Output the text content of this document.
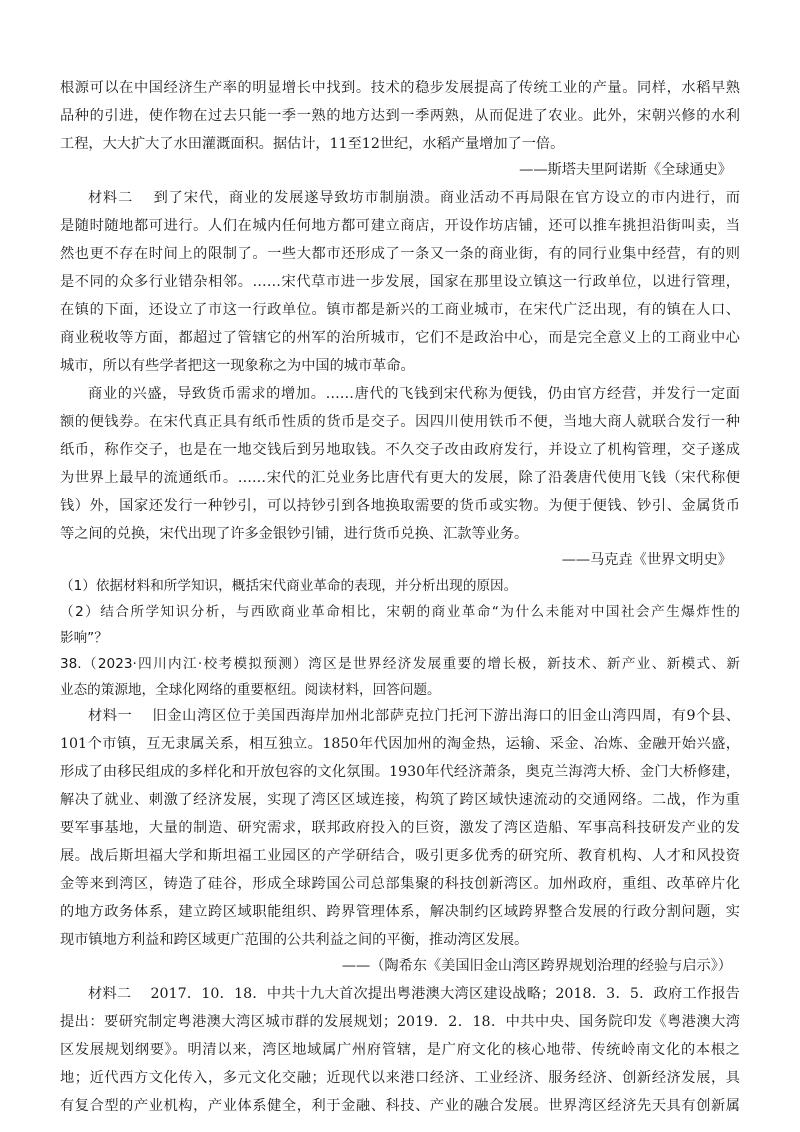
根源可以在中国经济生产率的明显增长中找到。技术的稳步发展提高了传统工业的产量。同样，水稻早熟
品种的引进，使作物在过去只能一季一熟的地方达到一季两熟，从而促进了农业。此外，宋朝兴修的水利
工程，大大扩大了水田灌溉面积。据估计，11至12世纪，水稻产量增加了一倍。
——斯塔夫里阿诺斯《全球通史》
材料二　 到了宋代，商业的发展遂导致坊市制崩溃。商业活动不再局限在官方设立的市内进行，而
是随时随地都可进行。人们在城内任何地方都可建立商店，开设作坊店铺，还可以推车挑担沿街叫卖，当
然也更不存在时间上的限制了。一些大都市还形成了一条又一条的商业街，有的同行业集中经营，有的则
是不同的众多行业错杂相邻。……宋代草市进一步发展，国家在那里设立镇这一行政单位，以进行管理，
在镇的下面，还设立了市这一行政单位。镇市都是新兴的工商业城市，在宋代广泛出现，有的镇在人口、
商业税收等方面，都超过了管辖它的州军的治所城市，它们不是政治中心，而是完全意义上的工商业中心
城市，所以有些学者把这一现象称之为中国的城市革命。
商业的兴盛，导致货币需求的增加。……唐代的飞钱到宋代称为便钱，仍由官方经营，并发行一定面
额的便钱券。在宋代真正具有纸币性质的货币是交子。因四川使用铁币不便，当地大商人就联合发行一种
纸币，称作交子，也是在一地交钱后到另地取钱。不久交子改由政府发行，并设立了机构管理，交子遂成
为世界上最早的流通纸币。……宋代的汇兑业务比唐代有更大的发展，除了沿袭唐代使用飞钱（宋代称便
钱）外，国家还发行一种钞引，可以持钞引到各地换取需要的货币或实物。为便于便钱、钞引、金属货币
等之间的兑换，宋代出现了许多金银钞引铺，进行货币兑换、汇款等业务。
——马克垚《世界文明史》
（1）依据材料和所学知识，概括宋代商业革命的表现，并分析出现的原因。
（2）结合所学知识分析，与西欧商业革命相比，宋朝的商业革命“为什么未能对中国社会产生爆炸性的
影响”？
38.（2023·四川内江·校考模拟预测）湾区是世界经济发展重要的增长极，新技术、新产业、新模式、新
业态的策源地，全球化网络的重要枢纽。阅读材料，回答问题。
材料一　 旧金山湾区位于美国西海岸加州北部萨克拉门托河下游出海口的旧金山湾四周，有9个县、
101个市镇，互无隶属关系，相互独立。1850年代因加州的淘金热，运输、采金、冶炼、金融开始兴盛，
形成了由移民组成的多样化和开放包容的文化氛围。1930年代经济萧条，奥克兰海湾大桥、金门大桥修建，
解决了就业、刺激了经济发展，实现了湾区区域连接，构筑了跨区域快速流动的交通网络。二战，作为重
要军事基地，大量的制造、研究需求，联邦政府投入的巨资，激发了湾区造船、军事高科技研发产业的发
展。战后斯坦福大学和斯坦福工业园区的产学研结合，吸引更多优秀的研究所、教育机构、人才和风投资
金等来到湾区，铸造了硅谷，形成全球跨国公司总部集聚的科技创新湾区。加州政府，重组、改革碎片化
的地方政务体系，建立跨区域职能组织、跨界管理体系，解决制约区域跨界整合发展的行政分割问题，实
现市镇地方利益和跨区域更广范围的公共利益之间的平衡，推动湾区发展。
——（陶希东《美国旧金山湾区跨界规划治理的经验与启示》）
材料二　 2017．10．18．中共十九大首次提出粤港澳大湾区建设战略；2018．3．5．政府工作报告
提出：要研究制定粤港澳大湾区城市群的发展规划；2019．2．18．中共中央、国务院印发《粤港澳大湾
区发展规划纲要》。明清以来，湾区地域属广州府管辖，是广府文化的核心地带、传统岭南文化的本根之
地；近代西方文化传入，多元文化交融；近现代以来港口经济、工业经济、服务经济、创新经济发展，具
有复合型的产业机构，产业体系健全，利于金融、科技、产业的融合发展。世界湾区经济先天具有创新属
